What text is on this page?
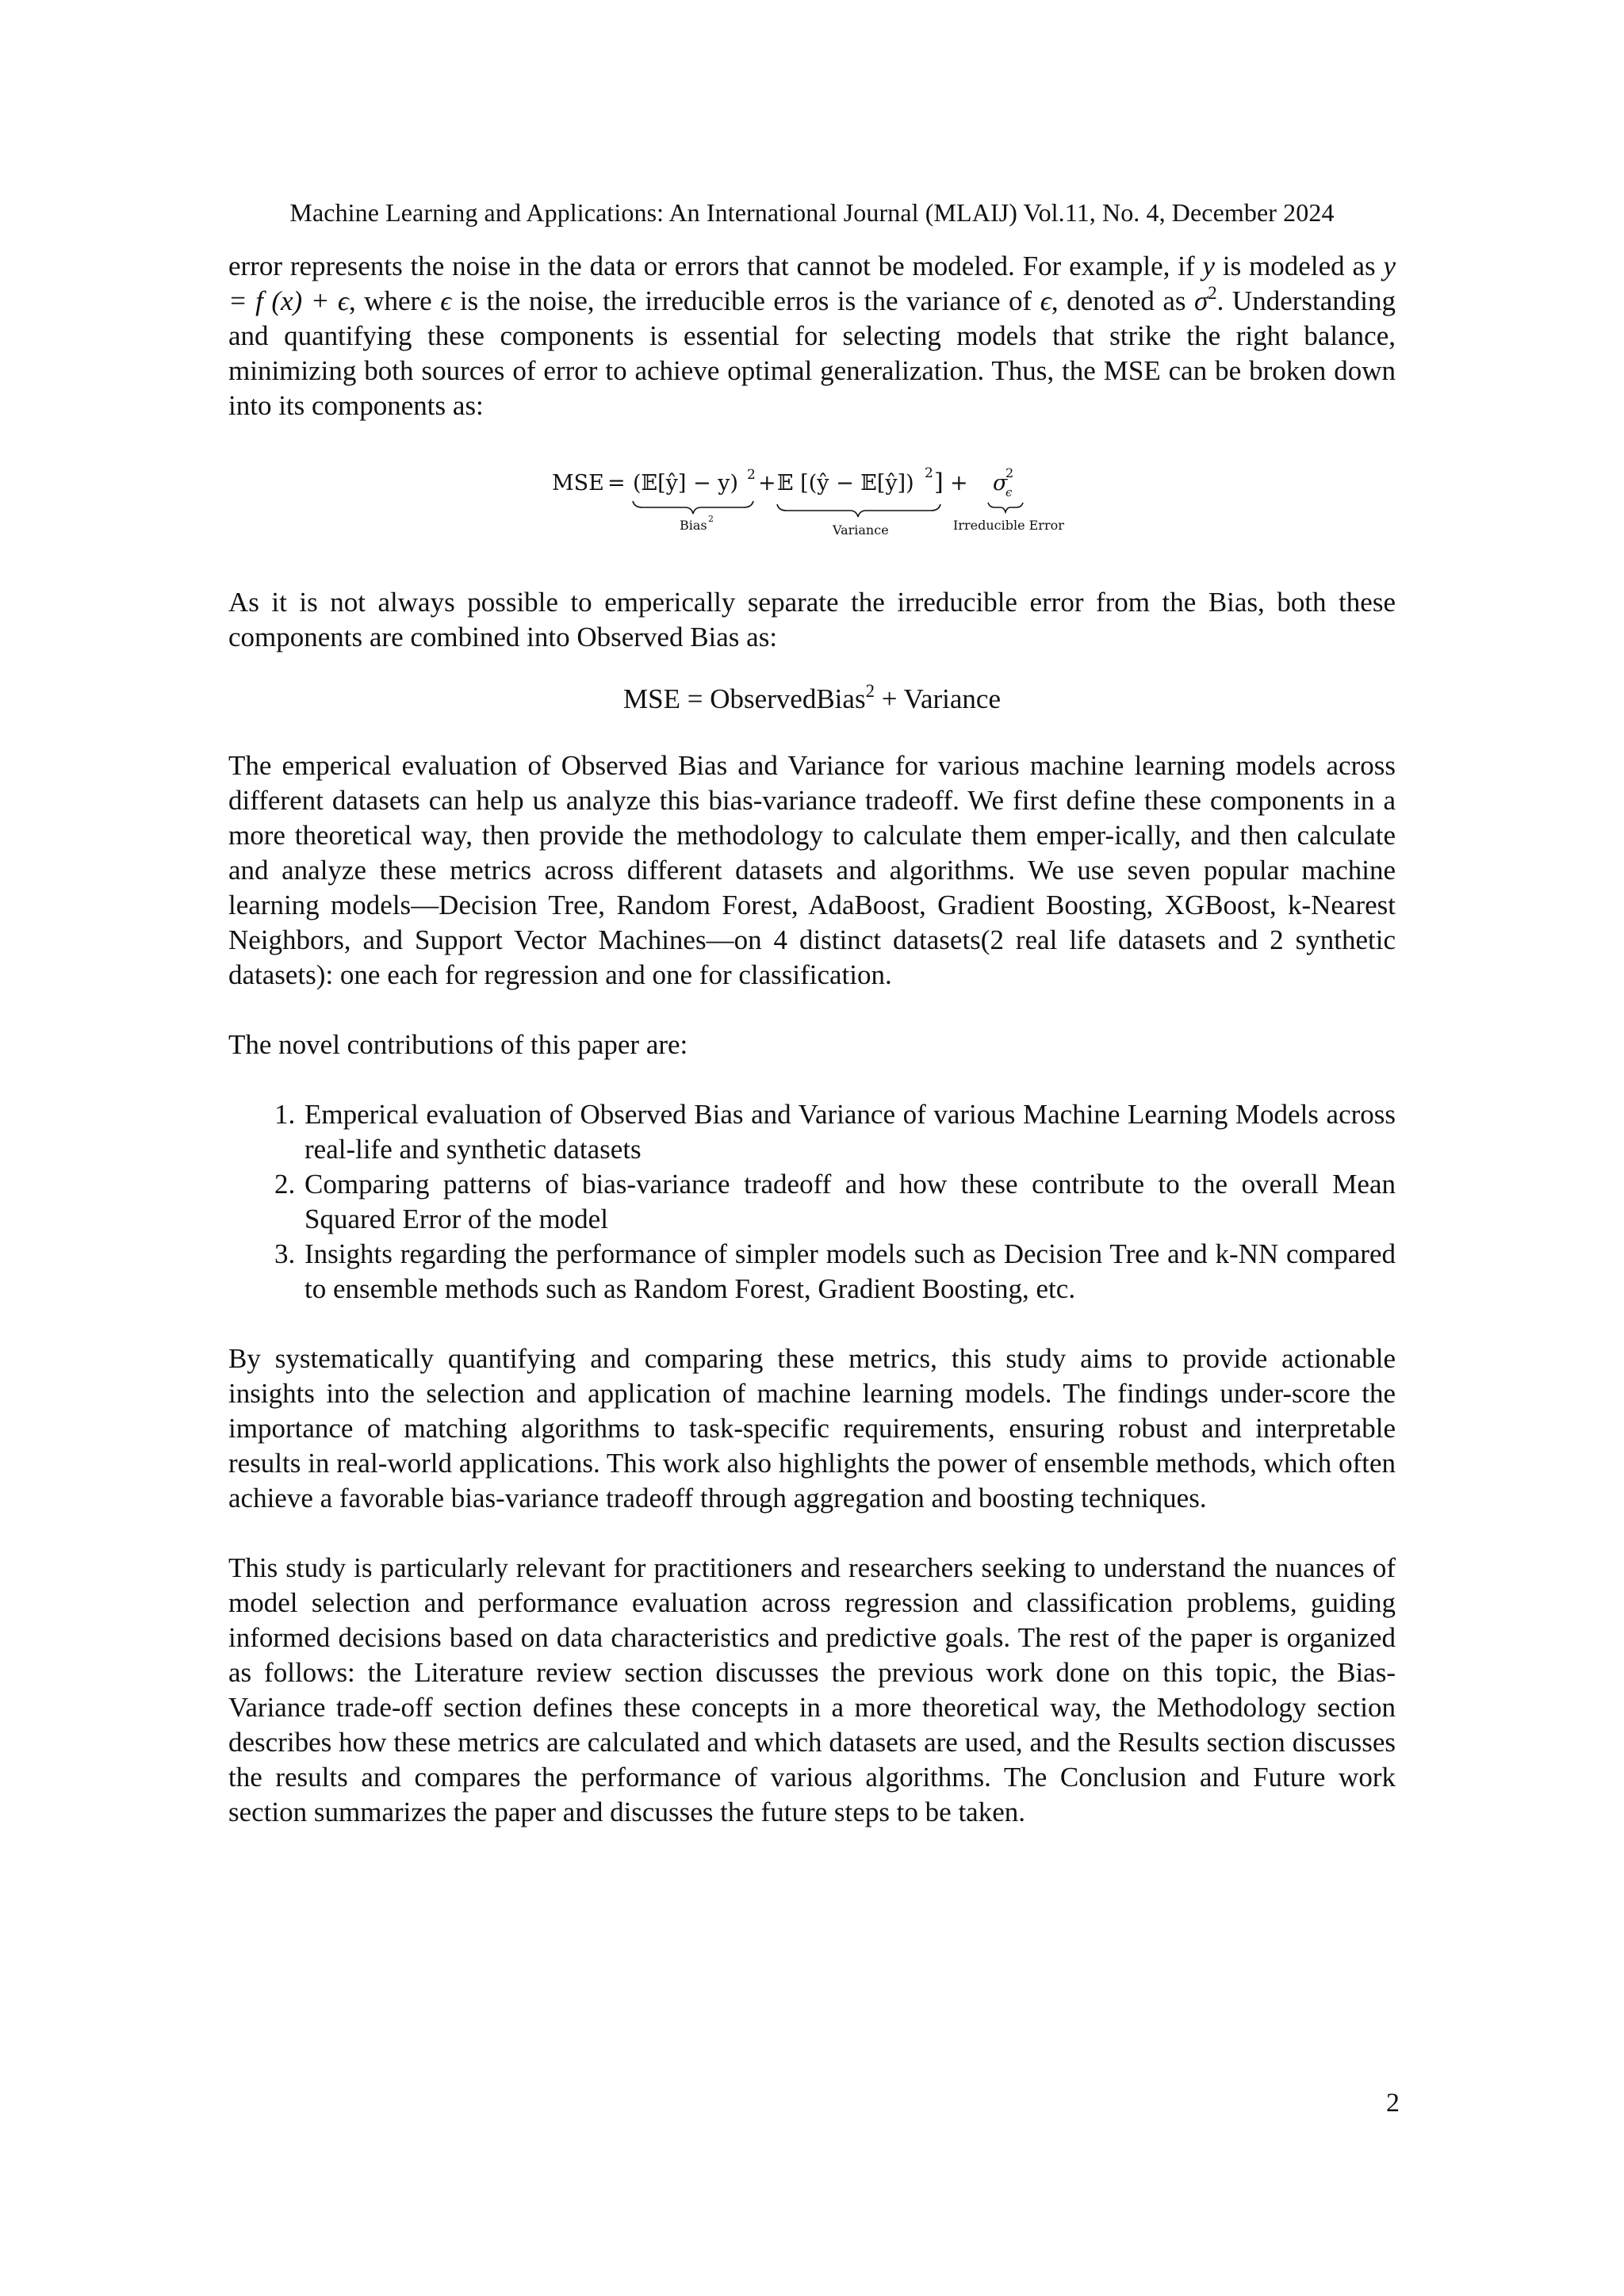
Machine Learning and Applications: An International Journal (MLAIJ) Vol.11, No. 4, December 2024

error represents the noise in the data or errors that cannot be modeled. For example, if y is modeled as y = f (x) + ϵ, where ϵ is the noise, the irreducible erros is the variance of ϵ, denoted as $\sigma^2$. Understanding and quantifying these components is essential for selecting models that strike the right balance, minimizing both sources of error to achieve optimal generalization. Thus, the MSE can be broken down into its components as:

MSE = (𝔼[ŷ] − y) 2 + 𝔼 [(ŷ − 𝔼[ŷ]) 2 ] + σ
2
ϵ
Bias 2
Variance	Irreducible Error

As it is not always possible to emperically separate the irreducible error from the Bias, both these components are combined into Observed Bias as:

MSE = ObservedBias$^2$ + Variance

The emperical evaluation of Observed Bias and Variance for various machine learning models across different datasets can help us analyze this bias-variance tradeoff. We first define these components in a more theoretical way, then provide the methodology to calculate them emper-ically, and then calculate and analyze these metrics across different datasets and algorithms. We use seven popular machine learning models—Decision Tree, Random Forest, AdaBoost, Gradient Boosting, XGBoost, k-Nearest Neighbors, and Support Vector Machines—on 4 distinct datasets(2 real life datasets and 2 synthetic datasets): one each for regression and one for classification.

The novel contributions of this paper are:

1. Emperical evaluation of Observed Bias and Variance of various Machine Learning Models across real-life and synthetic datasets
2. Comparing patterns of bias-variance tradeoff and how these contribute to the overall Mean Squared Error of the model
3. Insights regarding the performance of simpler models such as Decision Tree and k-NN compared to ensemble methods such as Random Forest, Gradient Boosting, etc.

By systematically quantifying and comparing these metrics, this study aims to provide actionable insights into the selection and application of machine learning models. The findings under-score the importance of matching algorithms to task-specific requirements, ensuring robust and interpretable results in real-world applications. This work also highlights the power of ensemble methods, which often achieve a favorable bias-variance tradeoff through aggregation and boosting techniques.

This study is particularly relevant for practitioners and researchers seeking to understand the nuances of model selection and performance evaluation across regression and classification problems, guiding informed decisions based on data characteristics and predictive goals. The rest of the paper is organized as follows: the Literature review section discusses the previous work done on this topic, the Bias-Variance trade-off section defines these concepts in a more theoretical way, the Methodology section describes how these metrics are calculated and which datasets are used, and the Results section discusses the results and compares the performance of various algorithms. The Conclusion and Future work section summarizes the paper and discusses the future steps to be taken.

2
